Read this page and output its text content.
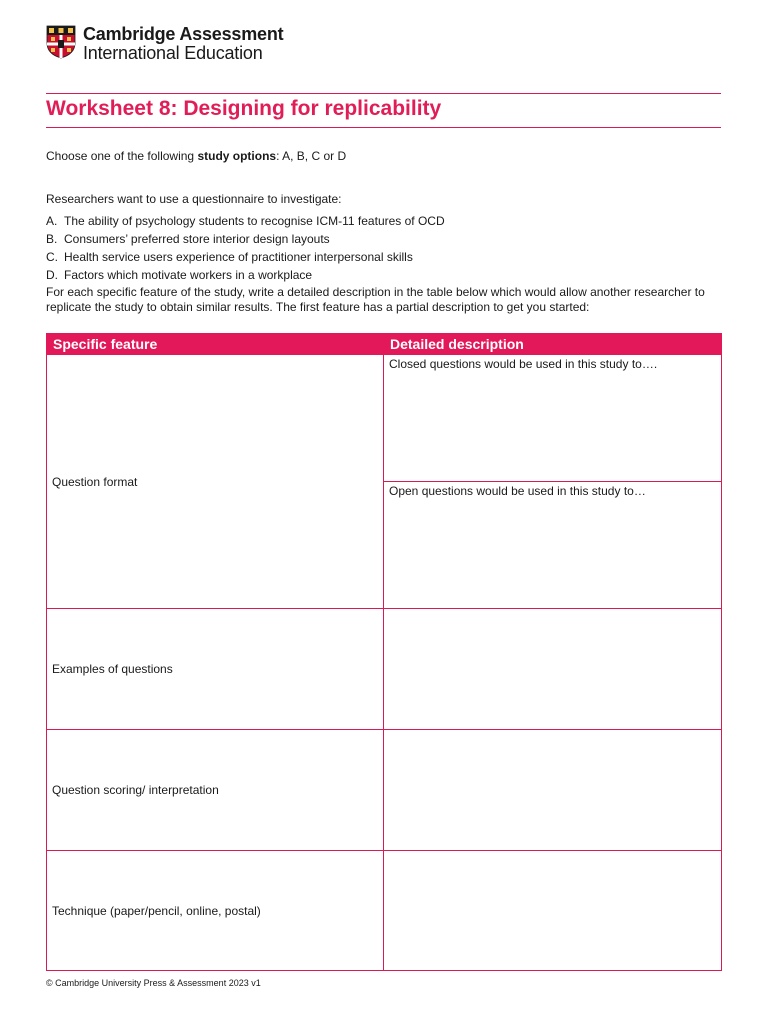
Cambridge Assessment
International Education
Worksheet 8: Designing for replicability
Choose one of the following study options: A, B, C or D
Researchers want to use a questionnaire to investigate:
A. The ability of psychology students to recognise ICM-11 features of OCD
B. Consumers’ preferred store interior design layouts
C. Health service users experience of practitioner interpersonal skills
D. Factors which motivate workers in a workplace
For each specific feature of the study, write a detailed description in the table below which would allow another researcher to replicate the study to obtain similar results. The first feature has a partial description to get you started:
Specific feature	Detailed description
Question format	Closed questions would be used in this study to….
	Open questions would be used in this study to…
Examples of questions	
Question scoring/ interpretation	
Technique (paper/pencil, online, postal)	
© Cambridge University Press & Assessment 2023 v1
